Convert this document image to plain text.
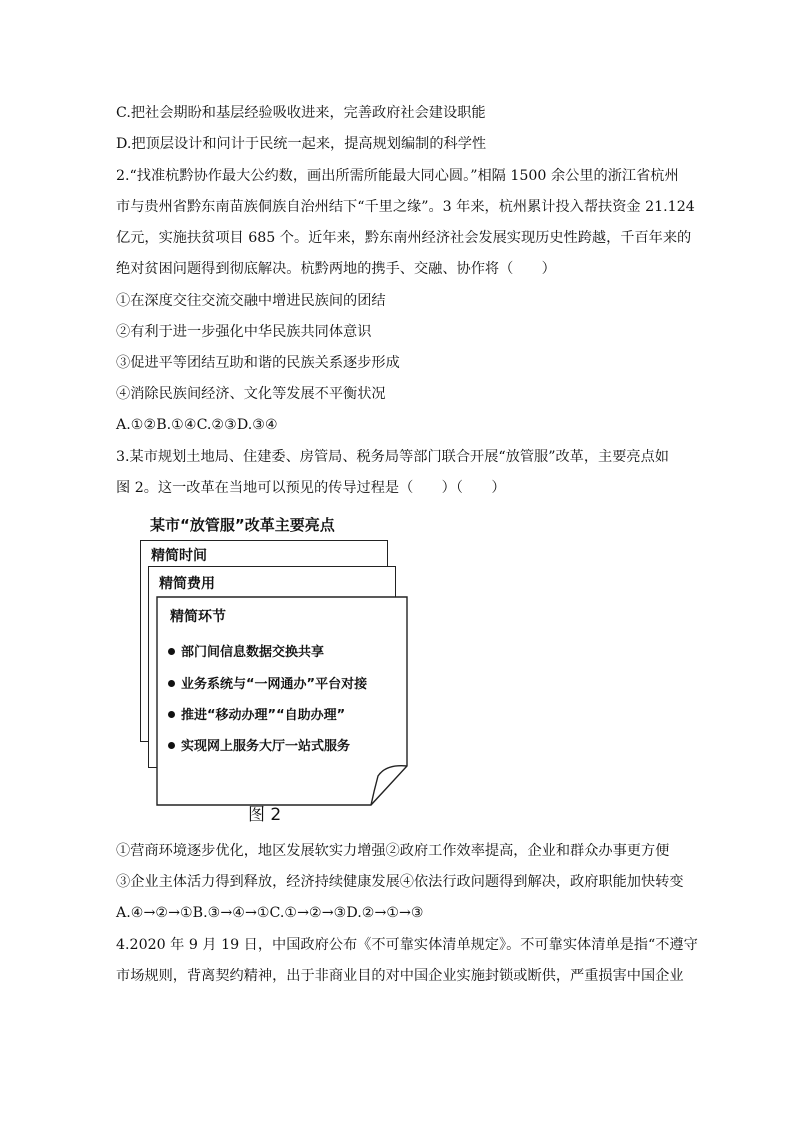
C.把社会期盼和基层经验吸收进来，完善政府社会建设职能
D.把顶层设计和问计于民统一起来，提高规划编制的科学性
2.“找准杭黔协作最大公约数，画出所需所能最大同心圆。”相隔 1500 余公里的浙江省杭州
市与贵州省黔东南苗族侗族自治州结下“千里之缘”。3 年来，杭州累计投入帮扶资金 21.124
亿元，实施扶贫项目 685 个。近年来，黔东南州经济社会发展实现历史性跨越，千百年来的
绝对贫困问题得到彻底解决。杭黔两地的携手、交融、协作将（　　）
①在深度交往交流交融中增进民族间的团结
②有利于进一步强化中华民族共同体意识
③促进平等团结互助和谐的民族关系逐步形成
④消除民族间经济、文化等发展不平衡状况
A.①②B.①④C.②③D.③④
3.某市规划土地局、住建委、房管局、税务局等部门联合开展“放管服”改革，主要亮点如
图 2。这一改革在当地可以预见的传导过程是（　　）（　　）
某市“放管服”改革主要亮点
精简时间
精简费用
精简环节
部门间信息数据交换共享
业务系统与“一网通办”平台对接
推进“移动办理”“自助办理”
实现网上服务大厅一站式服务
图 2
①营商环境逐步优化，地区发展软实力增强②政府工作效率提高，企业和群众办事更方便
③企业主体活力得到释放，经济持续健康发展④依法行政问题得到解决，政府职能加快转变
A.④→②→①B.③→④→①C.①→②→③D.②→①→③
4.2020 年 9 月 19 日，中国政府公布《不可靠实体清单规定》。不可靠实体清单是指“不遵守
市场规则，背离契约精神，出于非商业目的对中国企业实施封锁或断供，严重损害中国企业
